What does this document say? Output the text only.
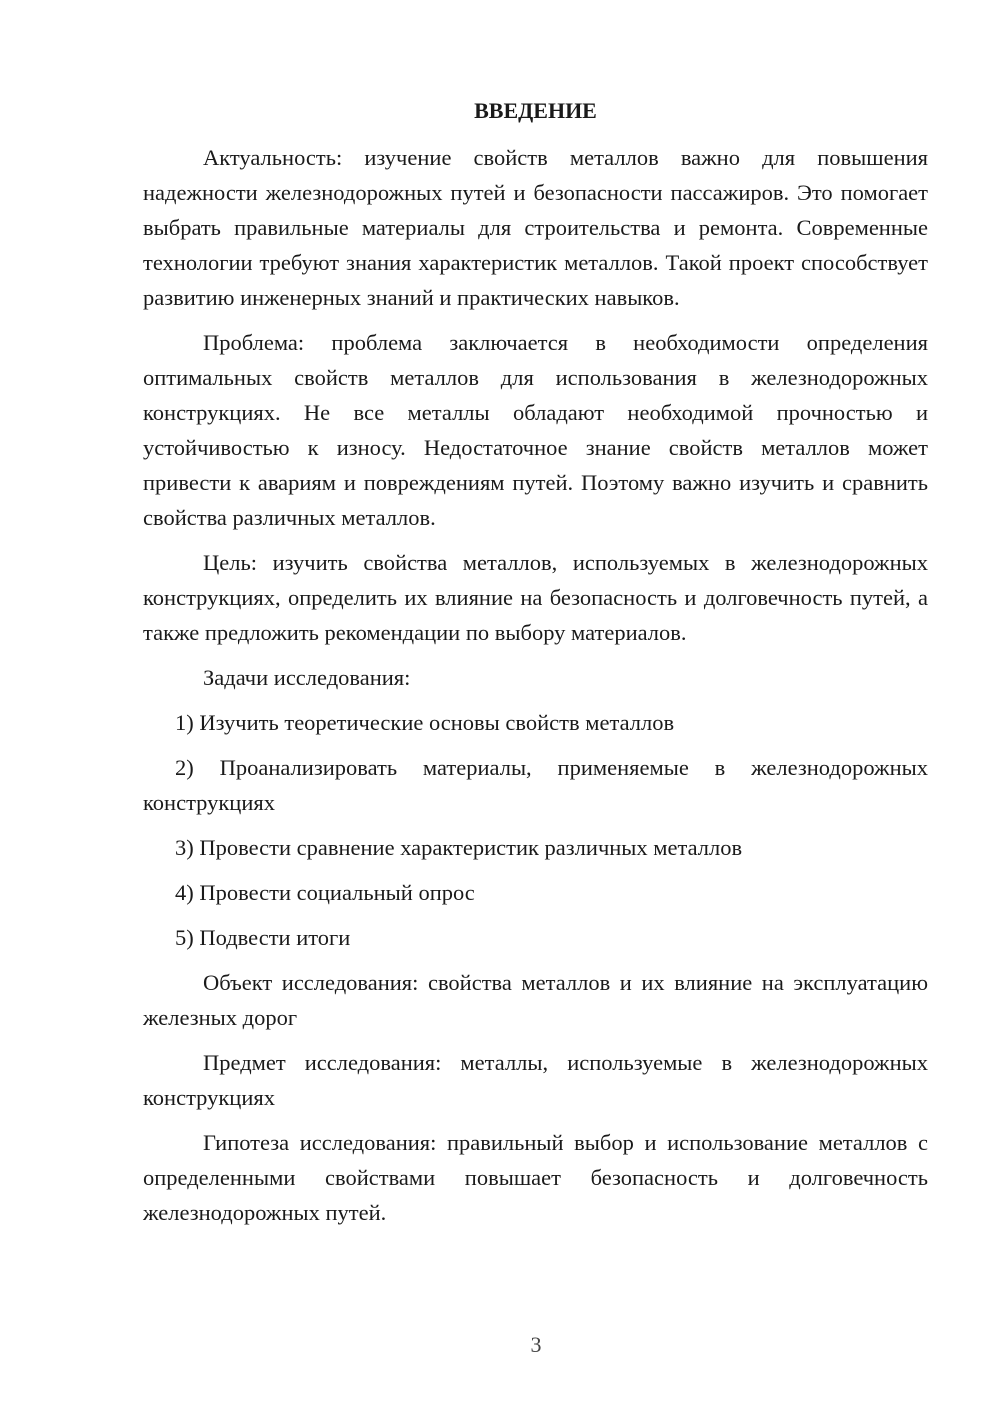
ВВЕДЕНИЕ

Актуальность: изучение свойств металлов важно для повышения надежности железнодорожных путей и безопасности пассажиров. Это помогает выбрать правильные материалы для строительства и ремонта. Современные технологии требуют знания характеристик металлов. Такой проект способствует развитию инженерных знаний и практических навыков.

Проблема: проблема заключается в необходимости определения оптимальных свойств металлов для использования в железнодорожных конструкциях. Не все металлы обладают необходимой прочностью и устойчивостью к износу. Недостаточное знание свойств металлов может привести к авариям и повреждениям путей. Поэтому важно изучить и сравнить свойства различных металлов.

Цель: изучить свойства металлов, используемых в железнодорожных конструкциях, определить их влияние на безопасность и долговечность путей, а также предложить рекомендации по выбору материалов.

Задачи исследования:

1) Изучить теоретические основы свойств металлов

2) Проанализировать материалы, применяемые в железнодорожных конструкциях

3) Провести сравнение характеристик различных металлов

4) Провести социальный опрос

5) Подвести итоги

Объект исследования: свойства металлов и их влияние на эксплуатацию железных дорог

Предмет исследования: металлы, используемые в железнодорожных конструкциях

Гипотеза исследования: правильный выбор и использование металлов с определенными свойствами повышает безопасность и долговечность железнодорожных путей.

3
